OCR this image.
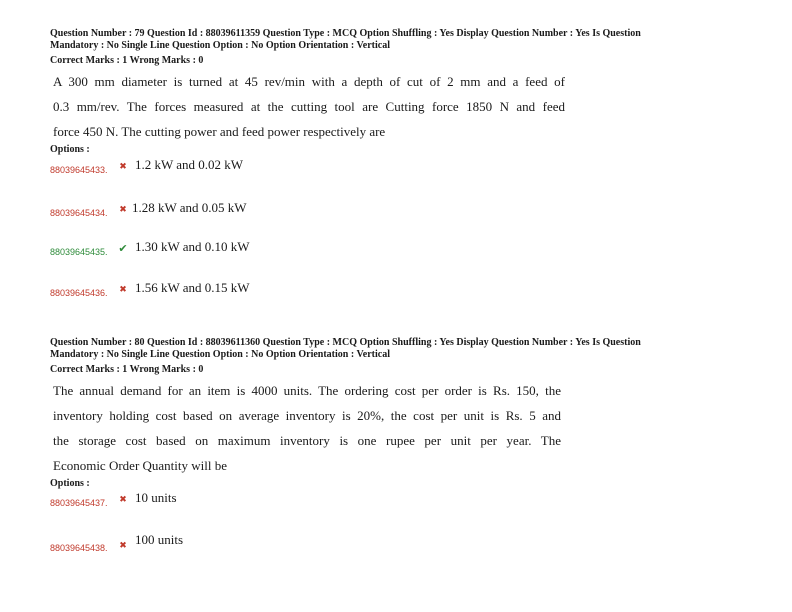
Question Number : 79 Question Id : 88039611359 Question Type : MCQ Option Shuffling : Yes Display Question Number : Yes Is Question
Mandatory : No Single Line Question Option : No Option Orientation : Vertical
Correct Marks : 1 Wrong Marks : 0
A 300 mm diameter is turned at 45 rev/min with a depth of cut of 2 mm and a feed of
0.3 mm/rev. The forces measured at the cutting tool are Cutting force 1850 N and feed
force 450 N. The cutting power and feed power respectively are
Options :
88039645433. ✖ 1.2 kW and 0.02 kW
88039645434. ✖ 1.28 kW and 0.05 kW
88039645435. ✔ 1.30 kW and 0.10 kW
88039645436. ✖ 1.56 kW and 0.15 kW
Question Number : 80 Question Id : 88039611360 Question Type : MCQ Option Shuffling : Yes Display Question Number : Yes Is Question
Mandatory : No Single Line Question Option : No Option Orientation : Vertical
Correct Marks : 1 Wrong Marks : 0
The annual demand for an item is 4000 units. The ordering cost per order is Rs. 150, the
inventory holding cost based on average inventory is 20%, the cost per unit is Rs. 5 and
the storage cost based on maximum inventory is one rupee per unit per year. The
Economic Order Quantity will be
Options :
88039645437. ✖ 10 units
88039645438. ✖ 100 units
